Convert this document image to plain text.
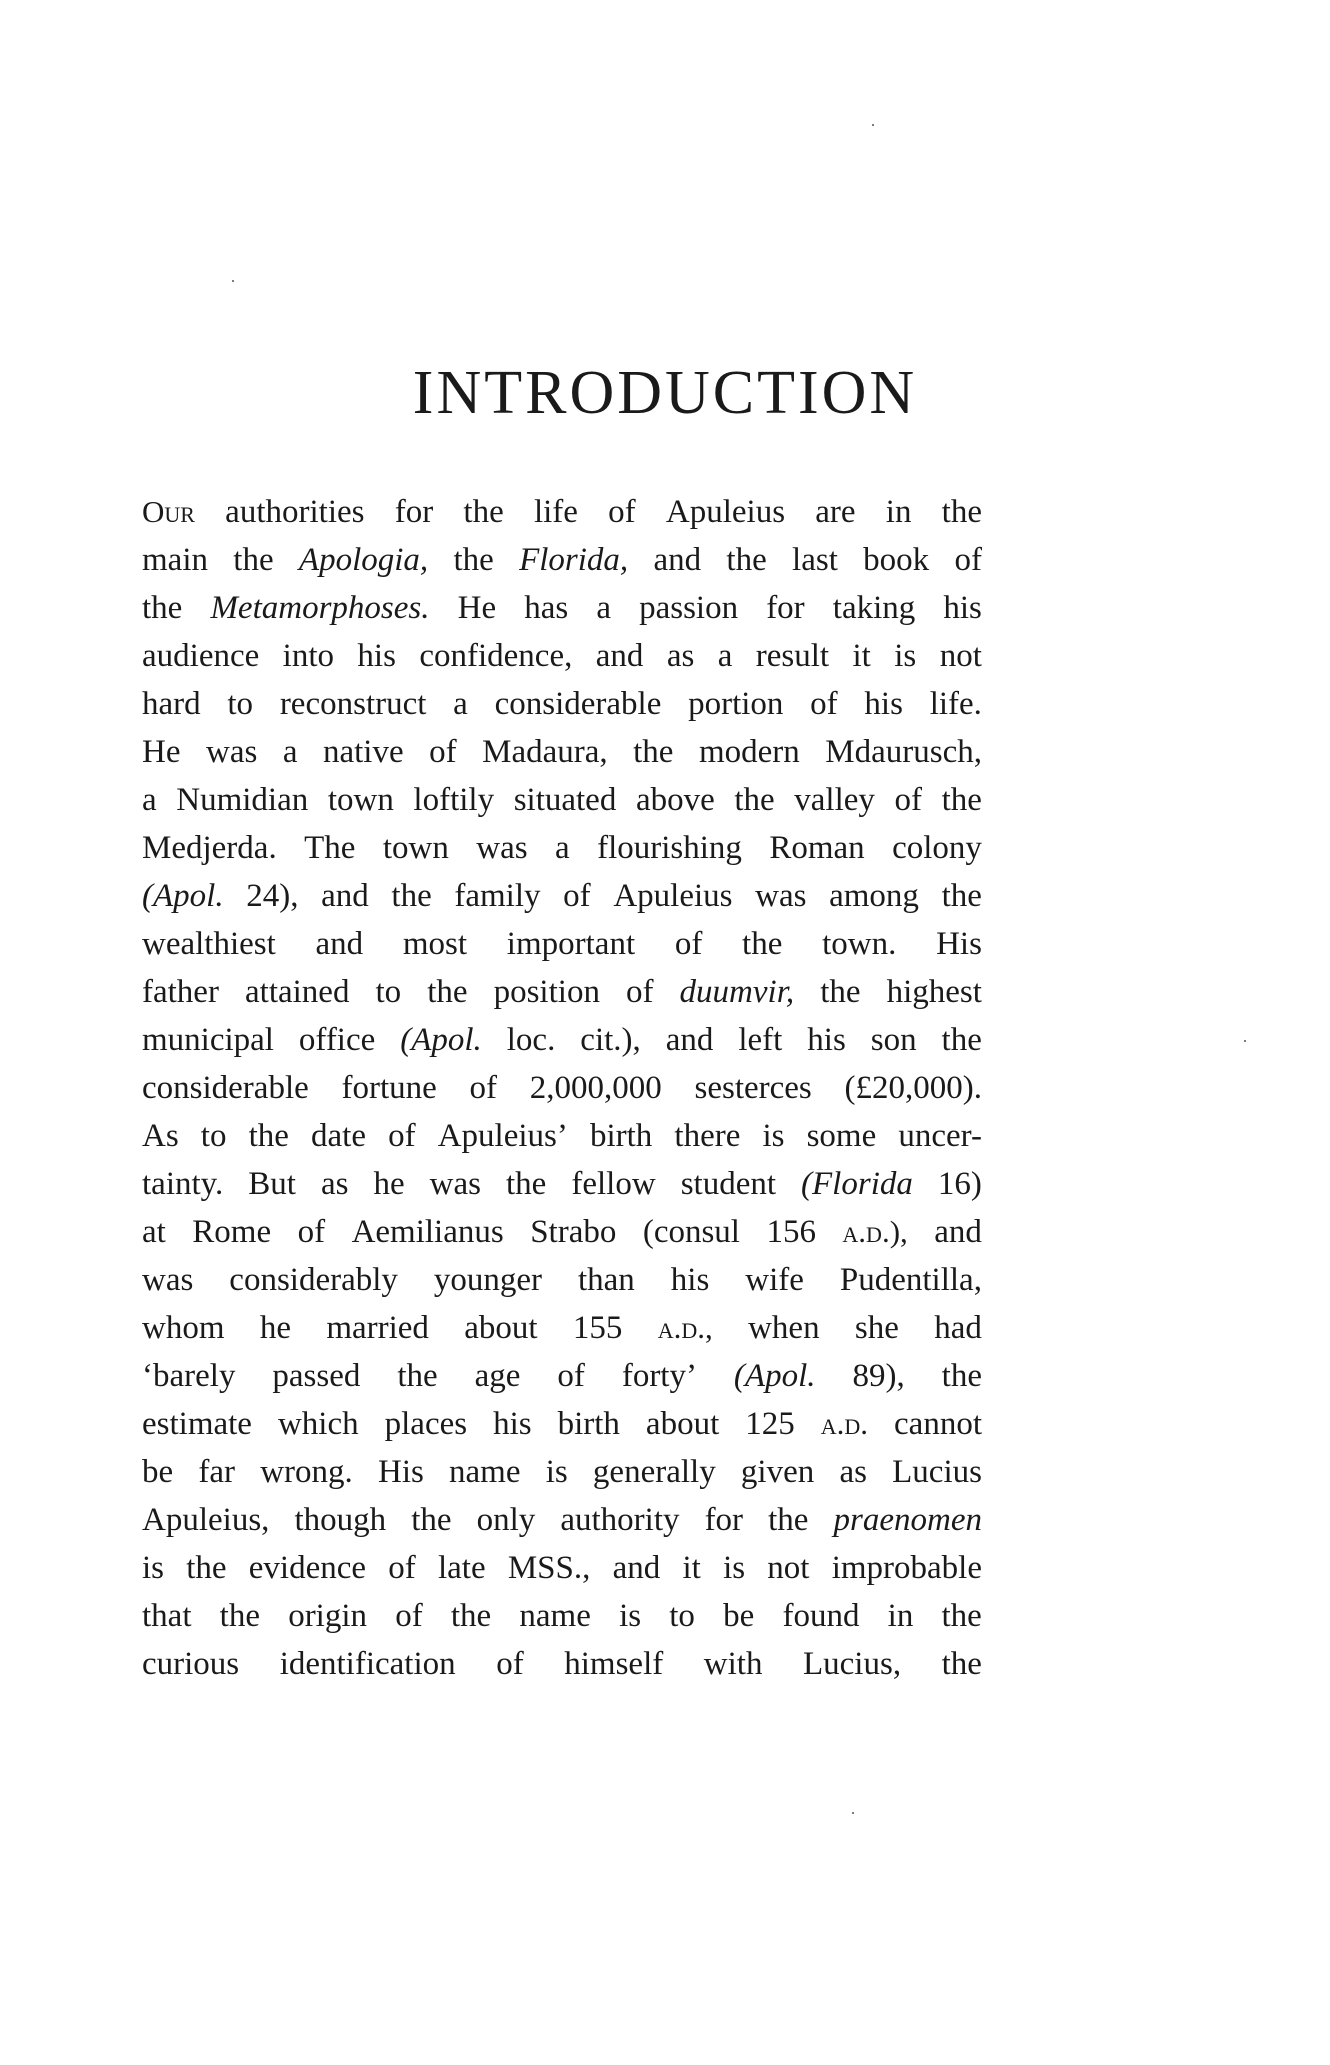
INTRODUCTION
Our authorities for the life of Apuleius are in the
main the Apologia, the Florida, and the last book of
the Metamorphoses. He has a passion for taking his
audience into his confidence, and as a result it is not
hard to reconstruct a considerable portion of his life.
He was a native of Madaura, the modern Mdaurusch,
a Numidian town loftily situated above the valley of the
Medjerda. The town was a flourishing Roman colony
(Apol. 24), and the family of Apuleius was among the
wealthiest and most important of the town. His
father attained to the position of duumvir, the highest
municipal office (Apol. loc. cit.), and left his son the
considerable fortune of 2,000,000 sesterces (£20,000).
As to the date of Apuleius’ birth there is some uncer-
tainty. But as he was the fellow student (Florida 16)
at Rome of Aemilianus Strabo (consul 156 a.d.), and
was considerably younger than his wife Pudentilla,
whom he married about 155 a.d., when she had
‘barely passed the age of forty’ (Apol. 89), the
estimate which places his birth about 125 a.d. cannot
be far wrong. His name is generally given as Lucius
Apuleius, though the only authority for the praenomen
is the evidence of late MSS., and it is not improbable
that the origin of the name is to be found in the
curious identification of himself with Lucius, the
